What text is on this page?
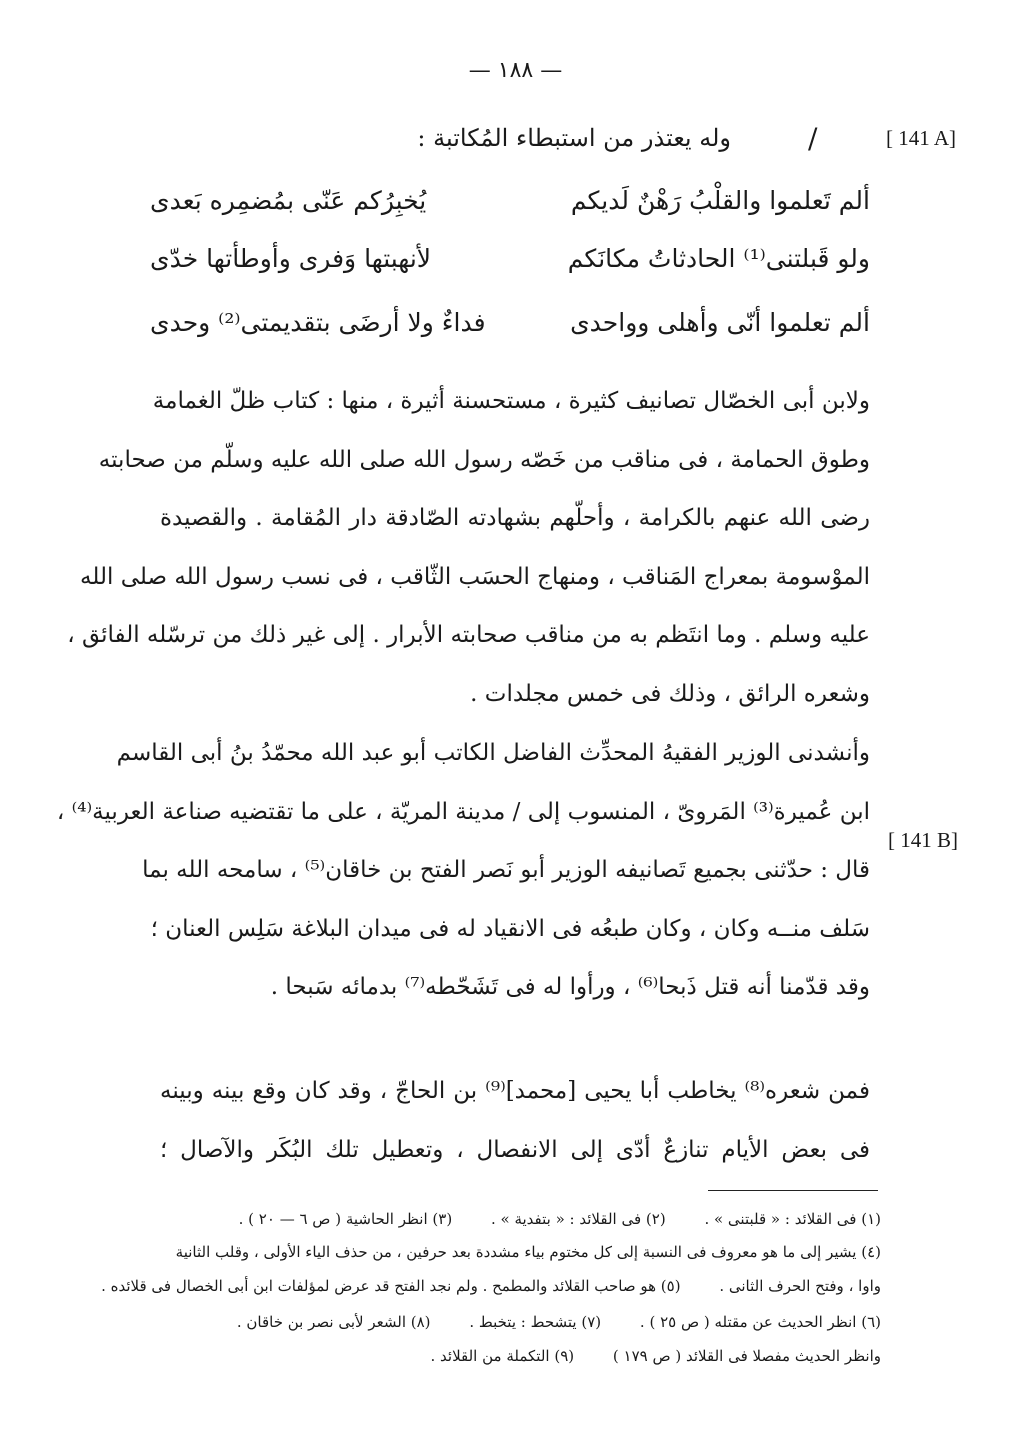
— ١٨٨ —
[ 141 A]
[ 141 B]
/
وله يعتذر من استبطاء المُكاتبة :
ألم تَعلموا والقلْبُ رَهْنٌ لَديكم
يُخبِرُكم عَنّى بمُضمِره بَعدى
ولو قَبلتنى⁽¹⁾ الحادثاتُ مكانَكم
لأنهبتها وَفرى وأوطأتها خدّى
ألم تعلموا أنّى وأهلى وواحدى
فداءٌ ولا أرضَى بتقديمتى⁽²⁾ وحدى
ولابن أبى الخصّال تصانيف كثيرة ، مستحسنة أثيرة ، منها : كتاب ظلّ الغمامة
وطوق الحمامة ، فى مناقب من خَصّه رسول الله صلى الله عليه وسلّم من صحابته
رضى الله عنهم بالكرامة ، وأحلّهم بشهادته الصّادقة دار المُقامة . والقصيدة
الموْسومة بمعراج المَناقب ، ومنهاج الحسَب الثّاقب ، فى نسب رسول الله صلى الله
عليه وسلم . وما انتَظم به من مناقب صحابته الأبرار . إلى غير ذلك من ترسّله الفائق ،
وشعره الرائق ، وذلك فى خمس مجلدات .
وأنشدنى الوزير الفقيهُ المحدِّث الفاضل الكاتب أبو عبد الله محمّدُ بنُ أبى القاسم
ابن عُميرة⁽³⁾ المَروىّ ، المنسوب إلى / مدينة المريّة ، على ما تقتضيه صناعة العربية⁽⁴⁾ ،
قال : حدّثنى بجميع تَصانيفه الوزير أبو نَصر الفتح بن خاقان⁽⁵⁾ ، سامحه الله بما
سَلف منــه وكان ، وكان طبعُه فى الانقياد له فى ميدان البلاغة سَلِس العنان ؛
وقد قدّمنا أنه قتل ذَبحا⁽⁶⁾ ، ورأوا له فى تَشَحّطه⁽⁷⁾ بدمائه سَبحا .
فمن شعره⁽⁸⁾ يخاطب أبا يحيى [محمد]⁽⁹⁾ بن الحاجّ ، وقد كان وقع بينه وبينه
فى بعض الأيام تنازعٌ أدّى إلى الانفصال ، وتعطيل تلك البُكَر والآصال ؛
(١) فى القلائد : « قلبتنى » . (٢) فى القلائد : « بتفدية » . (٣) انظر الحاشية ( ص ٦ — ٢٠ ) .
(٤) يشير إلى ما هو معروف فى النسبة إلى كل مختوم بياء مشددة بعد حرفين ، من حذف الياء الأولى ، وقلب الثانية
واوا ، وفتح الحرف الثانى . (٥) هو صاحب القلائد والمطمح . ولم نجد الفتح قد عرض لمؤلفات ابن أبى الخصال فى قلائده .
(٦) انظر الحديث عن مقتله ( ص ٢٥ ) . (٧) يتشحط : يتخبط . (٨) الشعر لأبى نصر بن خاقان .
وانظر الحديث مفصلا فى القلائد ( ص ١٧٩ ) (٩) التكملة من القلائد .
